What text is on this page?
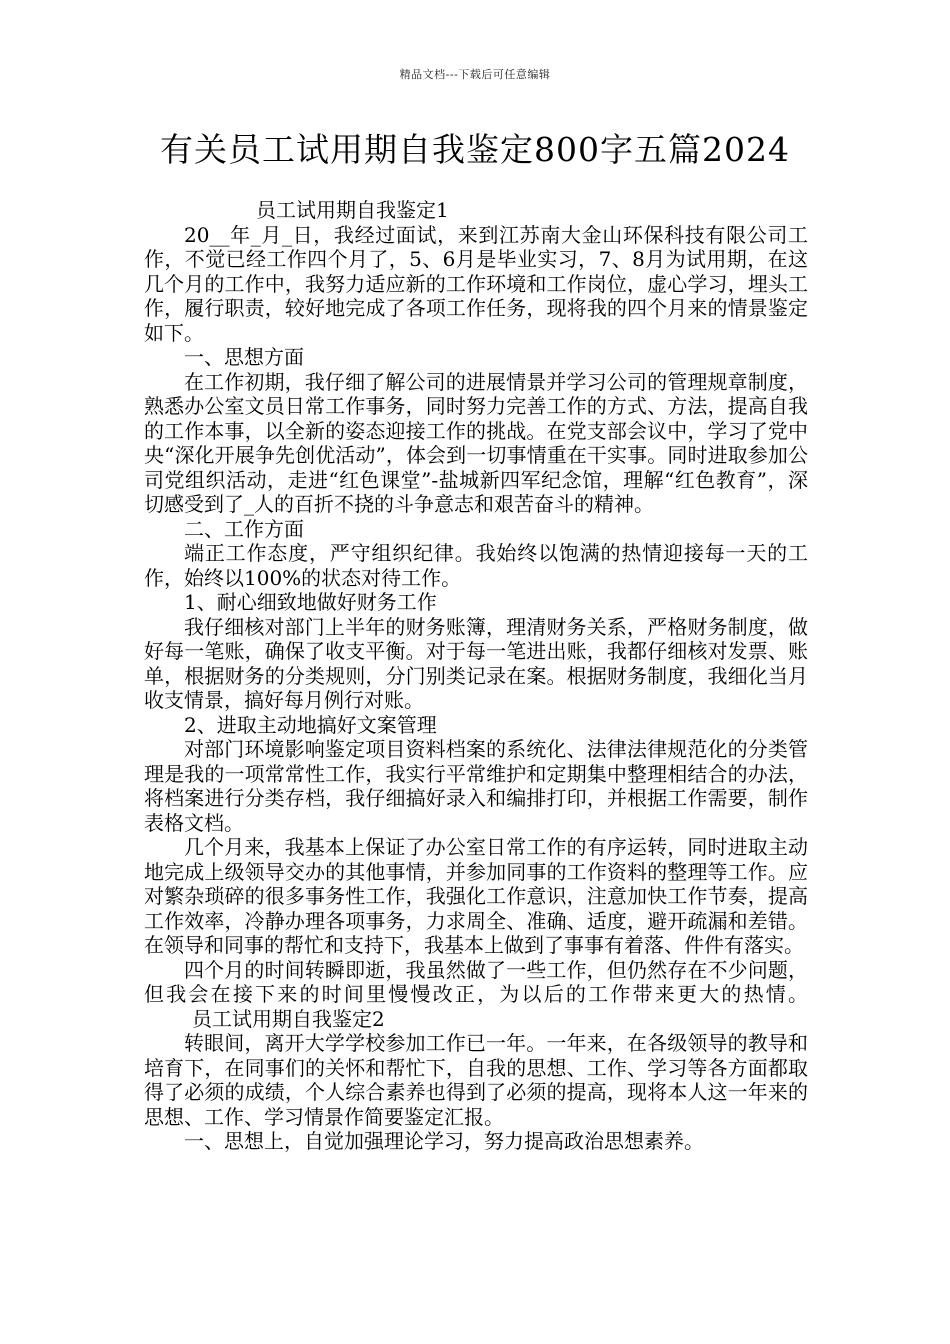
精品文档---下载后可任意编辑
有关员工试用期自我鉴定800字五篇2024

员工试用期自我鉴定1

20__年_月_日，我经过面试，来到江苏南大金山环保科技有限公司工作，不觉已经工作四个月了，5、6月是毕业实习，7、8月为试用期，在这几个月的工作中，我努力适应新的工作环境和工作岗位，虚心学习，埋头工作，履行职责，较好地完成了各项工作任务，现将我的四个月来的情景鉴定如下。

一、思想方面

在工作初期，我仔细了解公司的进展情景并学习公司的管理规章制度，熟悉办公室文员日常工作事务，同时努力完善工作的方式、方法，提高自我的工作本事，以全新的姿态迎接工作的挑战。在党支部会议中，学习了党中央“深化开展争先创优活动”，体会到一切事情重在干实事。同时进取参加公司党组织活动，走进“红色课堂”-盐城新四军纪念馆，理解“红色教育”，深切感受到了_人的百折不挠的斗争意志和艰苦奋斗的精神。

二、工作方面

端正工作态度，严守组织纪律。我始终以饱满的热情迎接每一天的工作，始终以100%的状态对待工作。

1、耐心细致地做好财务工作

我仔细核对部门上半年的财务账簿，理清财务关系，严格财务制度，做好每一笔账，确保了收支平衡。对于每一笔进出账，我都仔细核对发票、账单，根据财务的分类规则，分门别类记录在案。根据财务制度，我细化当月收支情景，搞好每月例行对账。

2、进取主动地搞好文案管理

对部门环境影响鉴定项目资料档案的系统化、法律法律规范化的分类管理是我的一项常常性工作，我实行平常维护和定期集中整理相结合的办法，将档案进行分类存档，我仔细搞好录入和编排打印，并根据工作需要，制作表格文档。

几个月来，我基本上保证了办公室日常工作的有序运转，同时进取主动地完成上级领导交办的其他事情，并参加同事的工作资料的整理等工作。应对繁杂琐碎的很多事务性工作，我强化工作意识，注意加快工作节奏，提高工作效率，冷静办理各项事务，力求周全、准确、适度，避开疏漏和差错。在领导和同事的帮忙和支持下，我基本上做到了事事有着落、件件有落实。

四个月的时间转瞬即逝，我虽然做了一些工作，但仍然存在不少问题，但我会在接下来的时间里慢慢改正，为以后的工作带来更大的热情。员工试用期自我鉴定2

转眼间，离开大学学校参加工作已一年。一年来，在各级领导的教导和培育下，在同事们的关怀和帮忙下，自我的思想、工作、学习等各方面都取得了必须的成绩，个人综合素养也得到了必须的提高，现将本人这一年来的思想、工作、学习情景作简要鉴定汇报。

一、思想上，自觉加强理论学习，努力提高政治思想素养。
